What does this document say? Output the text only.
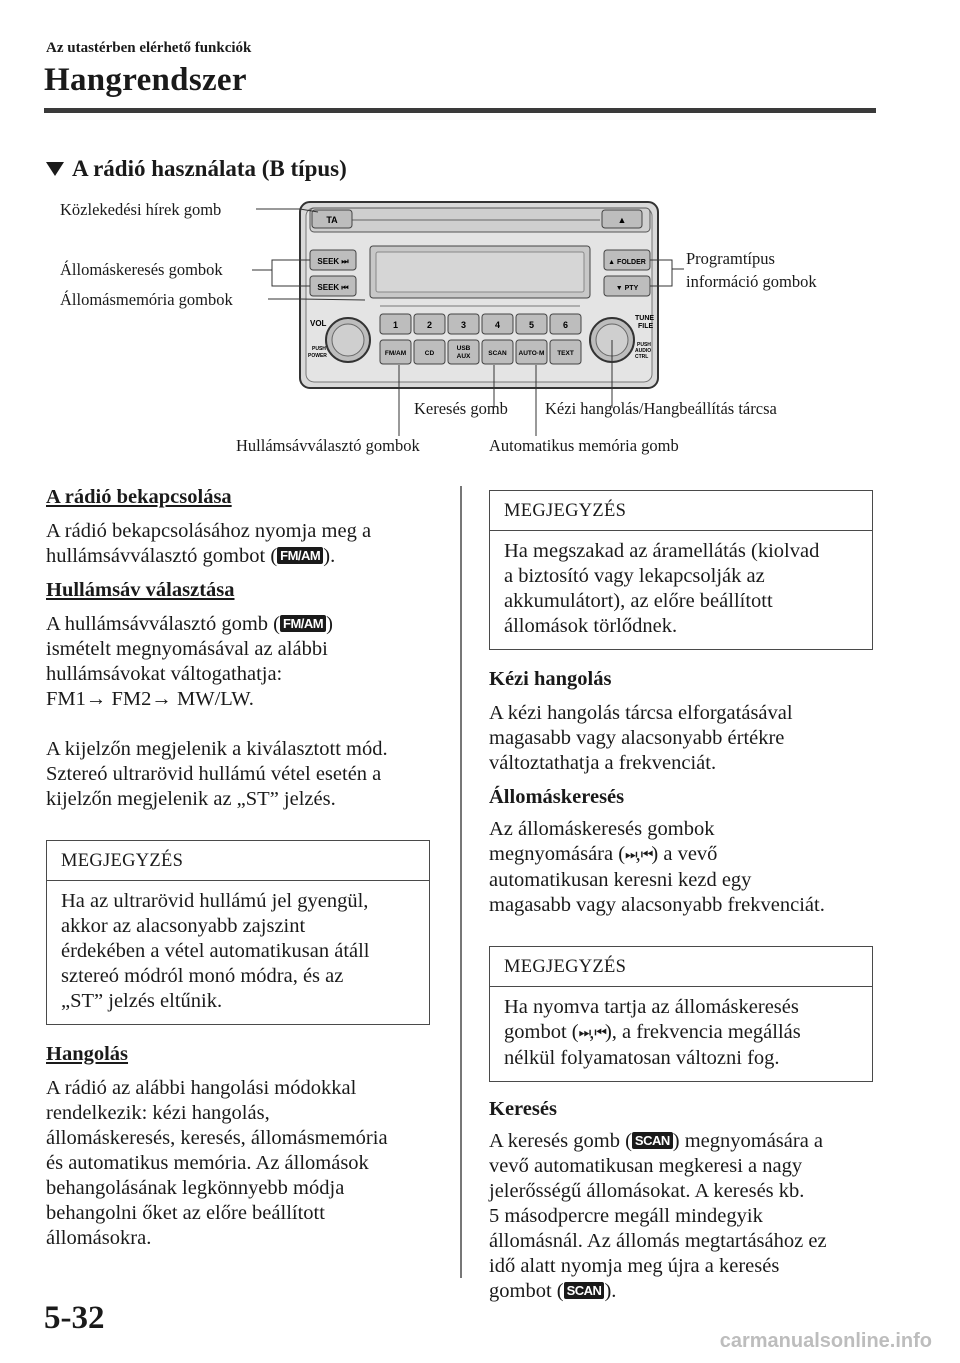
Az utastérben elérhető funkciók
Hangrendszer
A rádió használata (B típus)
TA	▲
SEEK ⏭
SEEK ⏮
▲ FOLDER
▼ PTY
VOL
PUSH
POWER
TUNE
FILE
PUSH
AUDIO
CTRL
1	2	3	4	5	6
FM/AM	CD
USB
AUX	SCAN AUTO·M TEXT
Közlekedési hírek gomb
Állomáskeresés gombok
Állomásmemória gombok
Programtípus
információ gombok
Keresés gomb Kézi hangolás/Hangbeállítás tárcsa
Hullámsávválasztó gombok	Automatikus memória gomb
A rádió bekapcsolása

A rádió bekapcsolásához nyomja meg a

hullámsávválasztó gombot ( FM/AM ).

Hullámsáv választása

A hullámsávválasztó gomb ( FM/AM )

ismételt megnyomásával az alábbi

hullámsávokat váltogathatja:

FM1→ FM2→ MW/LW.

A kijelzőn megjelenik a kiválasztott mód.

Sztereó ultrarövid hullámú vétel esetén a

kijelzőn megjelenik az „ST” jelzés.

MEGJEGYZÉS

Ha az ultrarövid hullámú jel gyengül,

akkor az alacsonyabb zajszint

érdekében a vétel automatikusan átáll

sztereó módról monó módra, és az

„ST” jelzés eltűnik.

Hangolás

A rádió az alábbi hangolási módokkal

rendelkezik: kézi hangolás,

állomáskeresés, keresés, állomásmemória

és automatikus memória. Az állomások

behangolásának legkönnyebb módja

behangolni őket az előre beállított

állomásokra.

MEGJEGYZÉS

Ha megszakad az áramellátás (kiolvad

a biztosító vagy lekapcsolják az

akkumulátort), az előre beállított

állomások törlődnek.

Kézi hangolás

A kézi hangolás tárcsa elforgatásával

magasabb vagy alacsonyabb értékre

változtathatja a frekvenciát.

Állomáskeresés

Az állomáskeresés gombok

megnyomására (⏭,⏮) a vevő

automatikusan keresni kezd egy

magasabb vagy alacsonyabb frekvenciát.

MEGJEGYZÉS

Ha nyomva tartja az állomáskeresés

gombot (⏭,⏮), a frekvencia megállás

nélkül folyamatosan változni fog.

Keresés

A keresés gomb ( SCAN ) megnyomására a

vevő automatikusan megkeresi a nagy

jelerősségű állomásokat. A keresés kb.

5 másodpercre megáll mindegyik

állomásnál. Az állomás megtartásához ez

idő alatt nyomja meg újra a keresés

gombot ( SCAN ).

5-32
carmanualsonline.info
